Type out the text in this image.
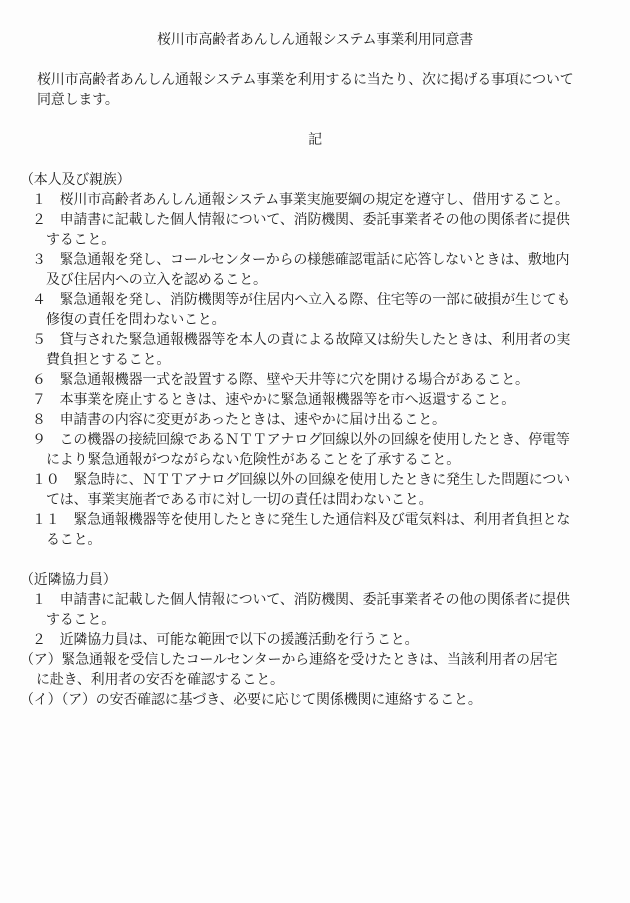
桜川市高齢者あんしん通報システム事業利用同意書
桜川市高齢者あんしん通報システム事業を利用するに当たり、次に掲げる事項について
同意します。
記
（本人及び親族）
１　桜川市高齢者あんしん通報システム事業実施要綱の規定を遵守し、借用すること。
２　申請書に記載した個人情報について、消防機関、委託事業者その他の関係者に提供
すること。
３　緊急通報を発し、コールセンターからの様態確認電話に応答しないときは、敷地内
及び住居内への立入を認めること。
４　緊急通報を発し、消防機関等が住居内へ立入る際、住宅等の一部に破損が生じても
修復の責任を問わないこと。
５　貸与された緊急通報機器等を本人の責による故障又は紛失したときは、利用者の実
費負担とすること。
６　緊急通報機器一式を設置する際、壁や天井等に穴を開ける場合があること。
７　本事業を廃止するときは、速やかに緊急通報機器等を市へ返還すること。
８　申請書の内容に変更があったときは、速やかに届け出ること。
９　この機器の接続回線であるＮＴＴアナログ回線以外の回線を使用したとき、停電等
により緊急通報がつながらない危険性があることを了承すること。
１０　緊急時に、ＮＴＴアナログ回線以外の回線を使用したときに発生した問題につい
ては、事業実施者である市に対し一切の責任は問わないこと。
１１　緊急通報機器等を使用したときに発生した通信料及び電気料は、利用者負担とな
ること。
（近隣協力員）
１　申請書に記載した個人情報について、消防機関、委託事業者その他の関係者に提供
すること。
２　近隣協力員は、可能な範囲で以下の援護活動を行うこと。
（ア）緊急通報を受信したコールセンターから連絡を受けたときは、当該利用者の居宅
に赴き、利用者の安否を確認すること。
（イ）（ア）の安否確認に基づき、必要に応じて関係機関に連絡すること。
